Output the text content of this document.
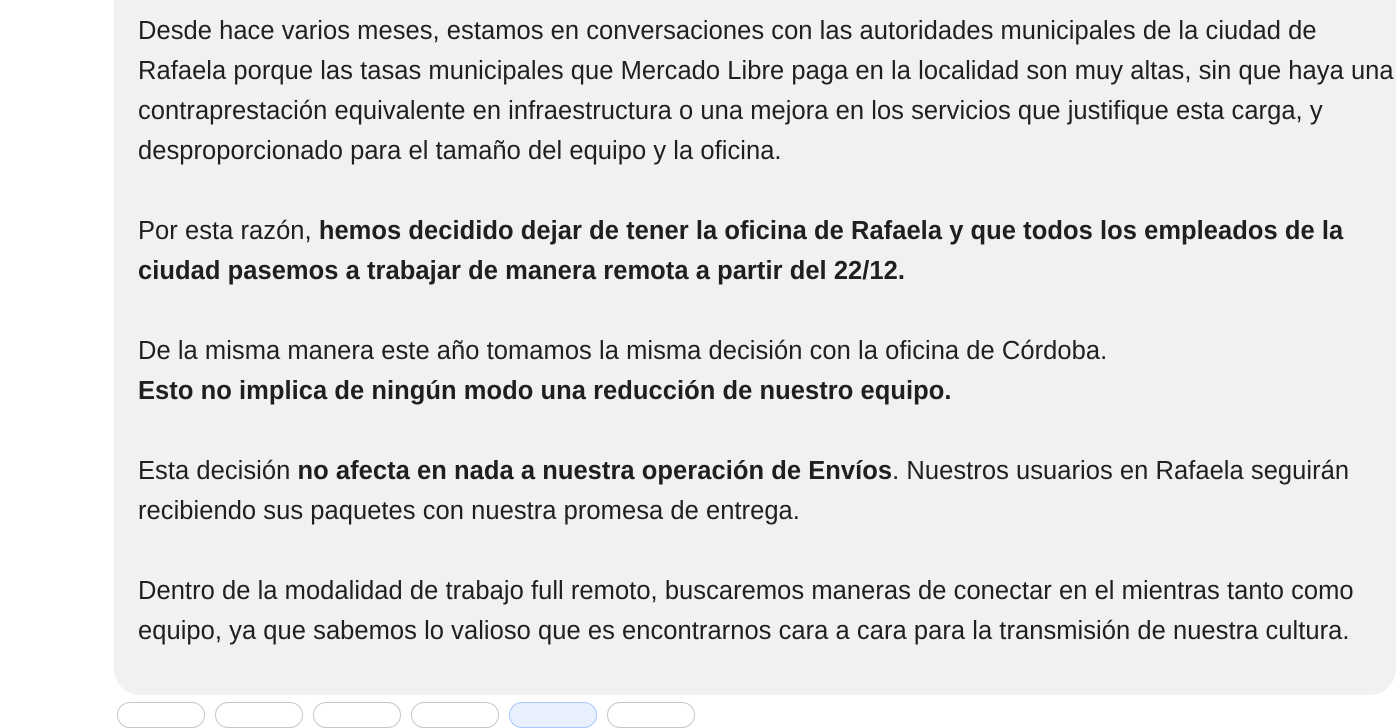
Desde hace varios meses, estamos en conversaciones con las autoridades municipales de la ciudad de Rafaela porque las tasas municipales que Mercado Libre paga en la localidad son muy altas, sin que haya una contraprestación equivalente en infraestructura o una mejora en los servicios que justifique esta carga, y desproporcionado para el tamaño del equipo y la oficina.

Por esta razón, hemos decidido dejar de tener la oficina de Rafaela y que todos los empleados de la ciudad pasemos a trabajar de manera remota a partir del 22/12.

De la misma manera este año tomamos la misma decisión con la oficina de Córdoba.
Esto no implica de ningún modo una reducción de nuestro equipo.

Esta decisión no afecta en nada a nuestra operación de Envíos. Nuestros usuarios en Rafaela seguirán recibiendo sus paquetes con nuestra promesa de entrega.

Dentro de la modalidad de trabajo full remoto, buscaremos maneras de conectar en el mientras tanto como equipo, ya que sabemos lo valioso que es encontrarnos cara a cara para la transmisión de nuestra cultura.
